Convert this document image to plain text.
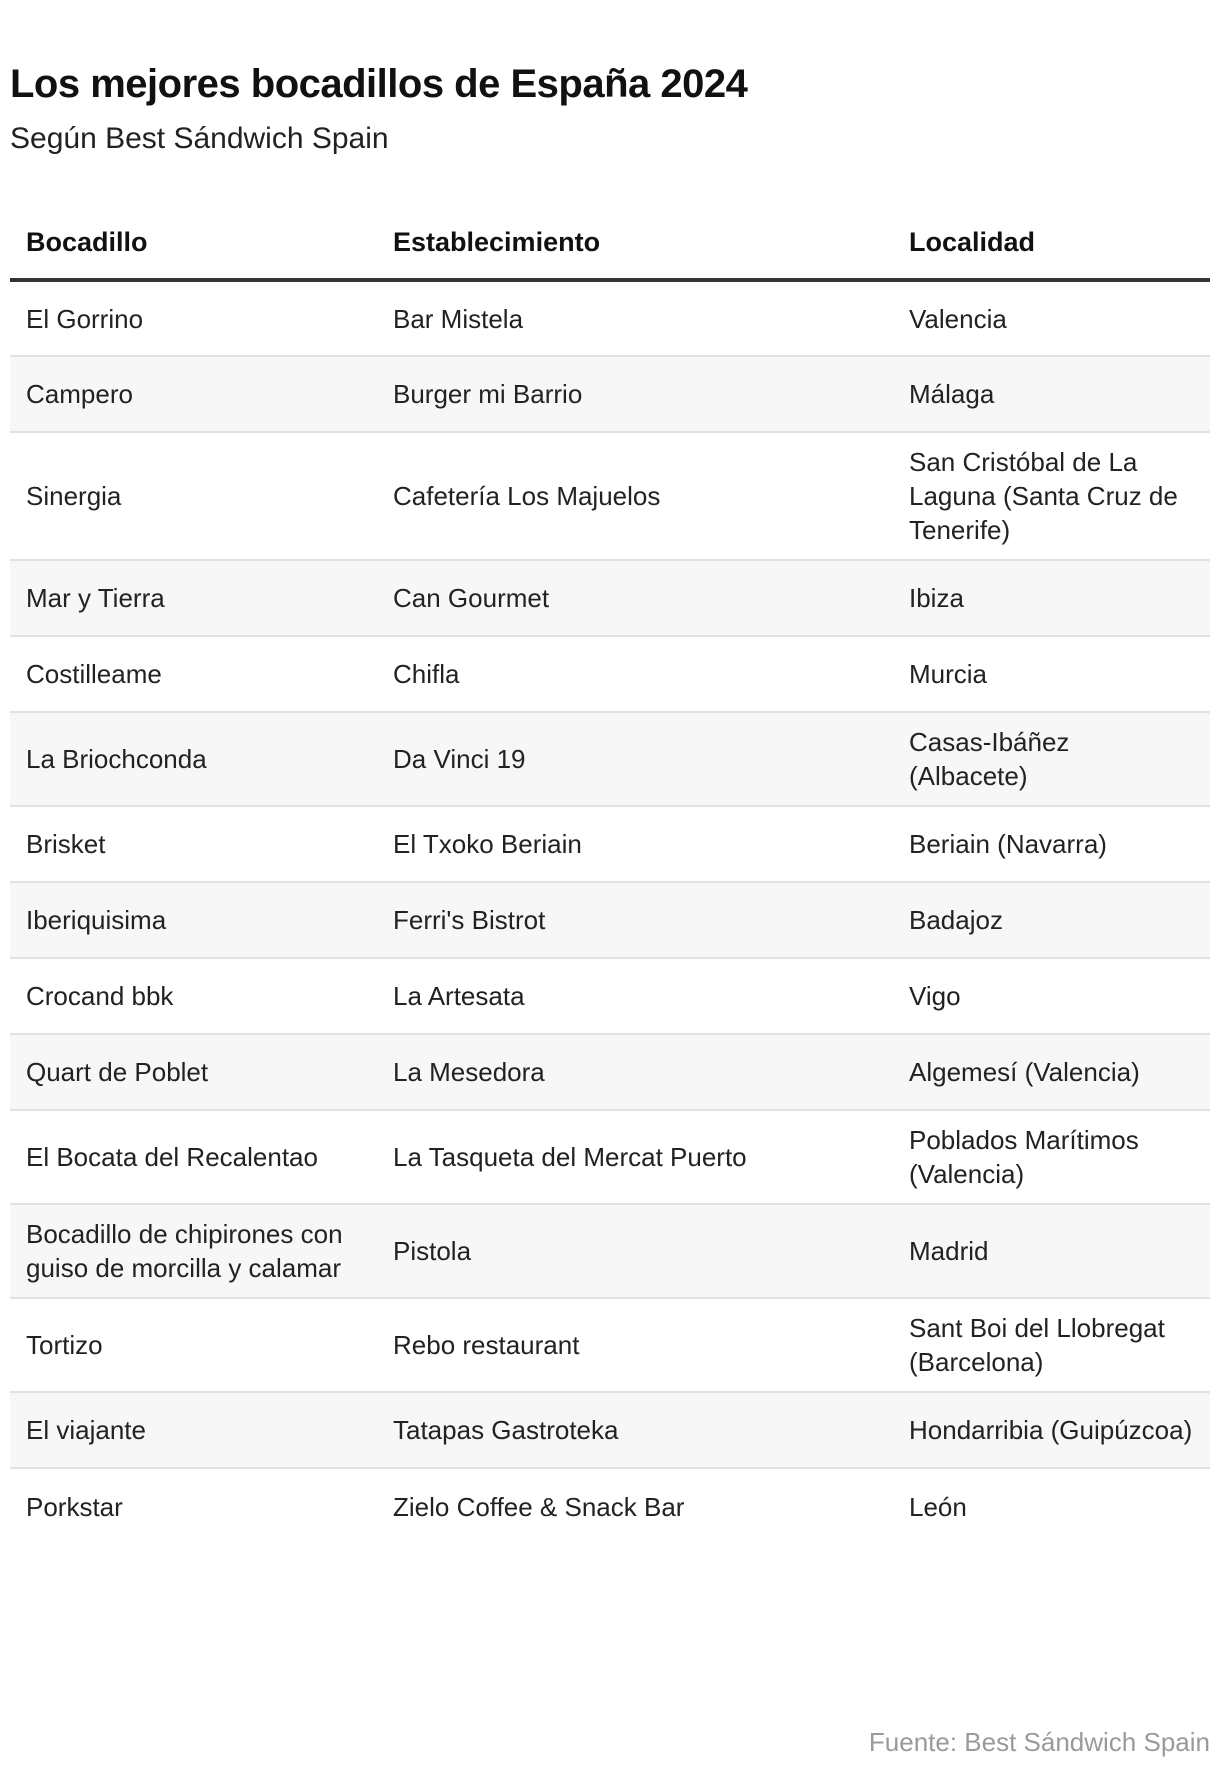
Los mejores bocadillos de España 2024

Según Best Sándwich Spain

Bocadillo	Establecimiento	Localidad
El Gorrino	Bar Mistela	Valencia
Campero	Burger mi Barrio	Málaga
Sinergia	Cafetería Los Majuelos	San Cristóbal de La Laguna (Santa Cruz de Tenerife)
Mar y Tierra	Can Gourmet	Ibiza
Costilleame	Chifla	Murcia
La Briochconda	Da Vinci 19	Casas-Ibáñez (Albacete)
Brisket	El Txoko Beriain	Beriain (Navarra)
Iberiquisima	Ferri's Bistrot	Badajoz
Crocand bbk	La Artesata	Vigo
Quart de Poblet	La Mesedora	Algemesí (Valencia)
El Bocata del Recalentao	La Tasqueta del Mercat Puerto	Poblados Marítimos (Valencia)
Bocadillo de chipirones con guiso de morcilla y calamar	Pistola	Madrid
Tortizo	Rebo restaurant	Sant Boi del Llobregat (Barcelona)
El viajante	Tatapas Gastroteka	Hondarribia (Guipúzcoa)
Porkstar	Zielo Coffee & Snack Bar	León
Fuente: Best Sándwich Spain
